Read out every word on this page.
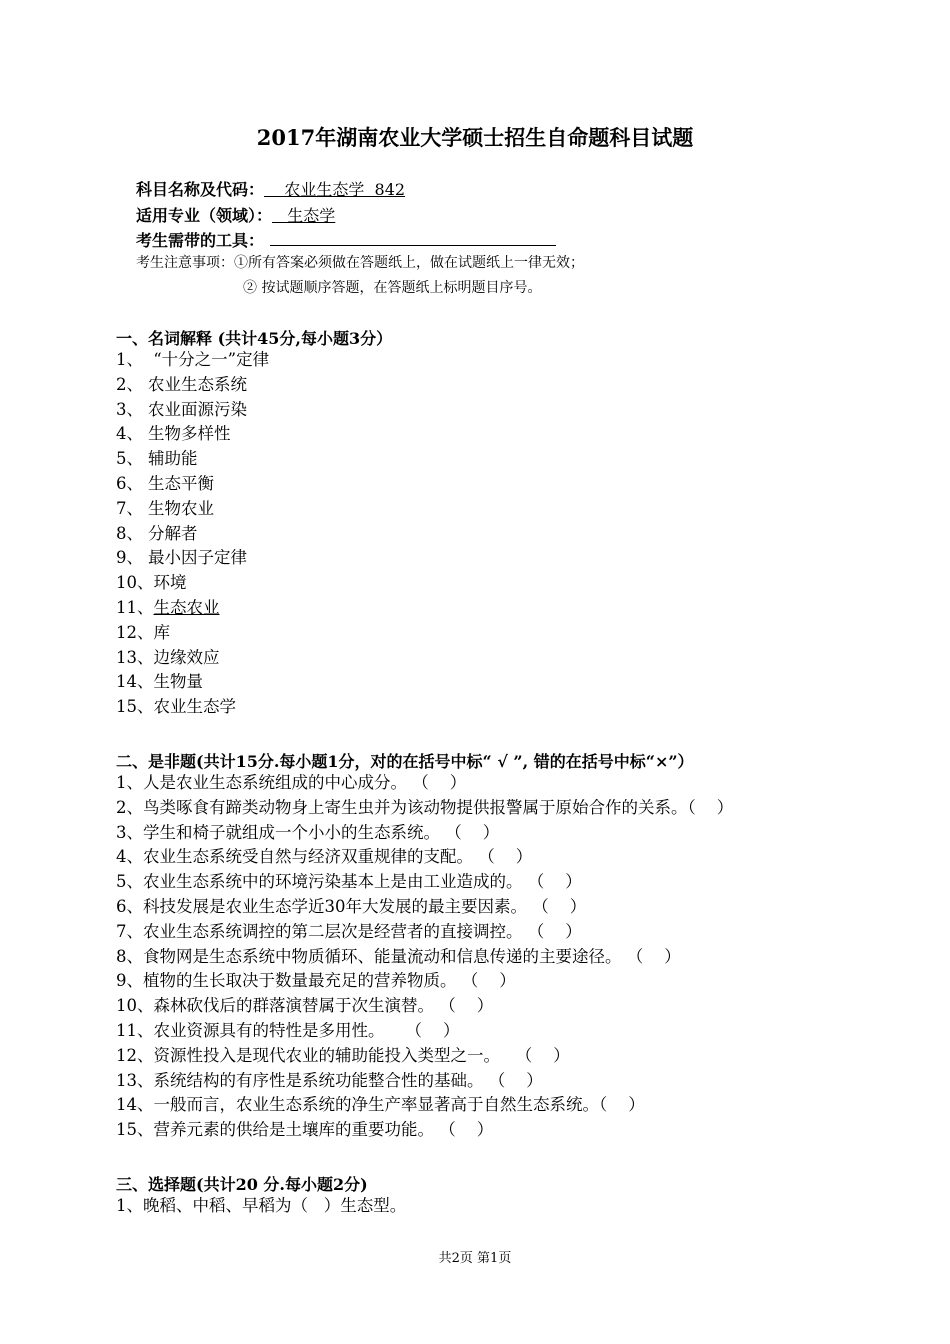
2017年湖南农业大学硕士招生自命题科目试题
科目名称及代码：    农业生态学  842
适用专业（领域）：   生态学
考生需带的工具：
考生注意事项：①所有答案必须做在答题纸上，做在试题纸上一律无效；
② 按试题顺序答题，在答题纸上标明题目序号。
一、名词解释 (共计45分,每小题3分）
1、 “十分之一”定律
2、 农业生态系统
3、 农业面源污染
4、 生物多样性
5、 辅助能
6、 生态平衡
7、 生物农业
8、 分解者
9、 最小因子定律
10、环境
11、生态农业
12、库
13、边缘效应
14、生物量
15、农业生态学
二、是非题(共计15分.每小题1分，对的在括号中标“ √ ”, 错的在括号中标“×”）
1、人是农业生态系统组成的中心成分。 （    ）
2、鸟类啄食有蹄类动物身上寄生虫并为该动物提供报警属于原始合作的关系。（    ）
3、学生和椅子就组成一个小小的生态系统。 （    ）
4、农业生态系统受自然与经济双重规律的支配。 （    ）
5、农业生态系统中的环境污染基本上是由工业造成的。 （    ）
6、科技发展是农业生态学近30年大发展的最主要因素。 （    ）
7、农业生态系统调控的第二层次是经营者的直接调控。 （    ）
8、食物网是生态系统中物质循环、能量流动和信息传递的主要途径。 （    ）
9、植物的生长取决于数量最充足的营养物质。 （    ）
10、森林砍伐后的群落演替属于次生演替。 （    ）
11、农业资源具有的特性是多用性。    （    ）
12、资源性投入是现代农业的辅助能投入类型之一。   （    ）
13、系统结构的有序性是系统功能整合性的基础。 （    ）
14、一般而言，农业生态系统的净生产率显著高于自然生态系统。（    ）
15、营养元素的供给是土壤库的重要功能。 （    ）
三、选择题(共计20 分.每小题2分)
1、晚稻、中稻、早稻为（   ）生态型。
共2页 第1页
